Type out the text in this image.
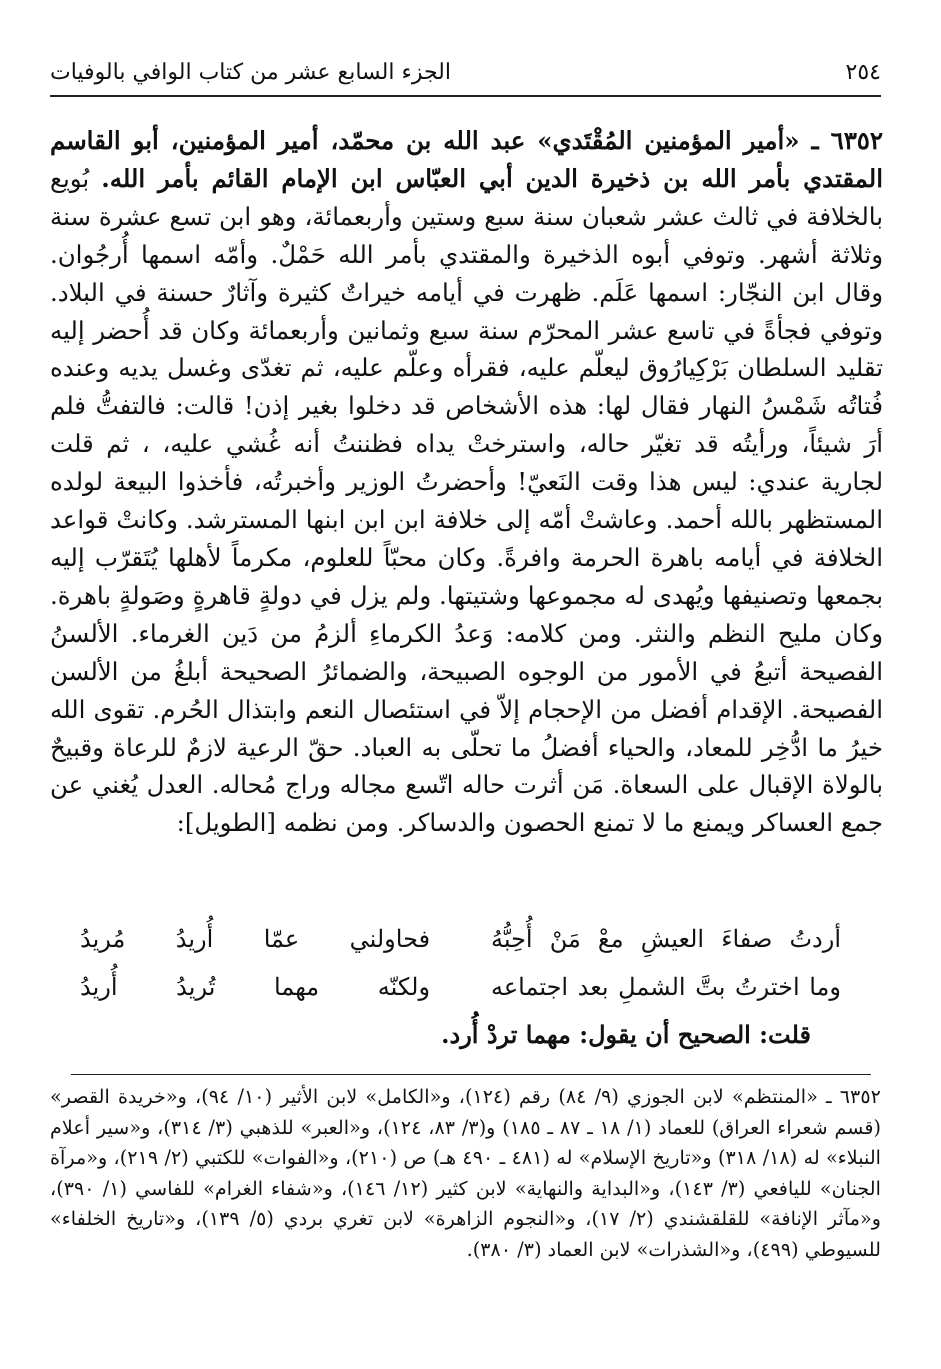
٢٥٤
الجزء السابع عشر من كتاب الوافي بالوفيات

٦٣٥٢ ـ «أمير المؤمنين المُقْتَدي» عبد الله بن محمّد، أمير المؤمنين، أبو القاسم المقتدي بأمر الله بن ذخيرة الدين أبي العبّاس ابن الإمام القائم بأمر الله. بُويع بالخلافة في ثالث عشر شعبان سنة سبع وستين وأربعمائة، وهو ابن تسع عشرة سنة وثلاثة أشهر. وتوفي أبوه الذخيرة والمقتدي بأمر الله حَمْلٌ. وأمّه اسمها أُرجُوان. وقال ابن النجّار: اسمها عَلَم. ظهرت في أيامه خيراتٌ كثيرة وآثارٌ حسنة في البلاد. وتوفي فجأةً في تاسع عشر المحرّم سنة سبع وثمانين وأربعمائة وكان قد أُحضر إليه تقليد السلطان بَرْكِيارُوق ليعلّم عليه، فقرأه وعلّم عليه، ثم تغدّى وغسل يديه وعنده فُتاتُه شَمْسُ النهار فقال لها: هذه الأشخاص قد دخلوا بغير إذن! قالت: فالتفتُّ فلم أرَ شيئاً، ورأيتُه قد تغيّر حاله، واسترختْ يداه فظننتُ أنه غُشي عليه، ، ثم قلت لجارية عندي: ليس هذا وقت النَعيّ! وأحضرتُ الوزير وأخبرتُه، فأخذوا البيعة لولده المستظهر بالله أحمد. وعاشتْ أمّه إلى خلافة ابن ابن ابنها المسترشد. وكانتْ قواعد الخلافة في أيامه باهرة الحرمة وافرةً. وكان محبّاً للعلوم، مكرماً لأهلها يُتَقرّب إليه بجمعها وتصنيفها ويُهدى له مجموعها وشتيتها. ولم يزل في دولةٍ قاهرةٍ وصَولةٍ باهرة. وكان مليح النظم والنثر. ومن كلامه: وَعدُ الكرماءِ ألزمُ من دَين الغرماء. الألسنُ الفصيحة أتبعُ في الأمور من الوجوه الصبيحة، والضمائرُ الصحيحة أبلغُ من الألسن الفصيحة. الإقدام أفضل من الإحجام إلاّ في استئصال النعم وابتذال الحُرم. تقوى الله خيرُ ما ادُّخِر للمعاد، والحياء أفضلُ ما تحلّى به العباد. حقّ الرعية لازمٌ للرعاة وقبيحٌ بالولاة الإقبال على السعاة. مَن أثرت حاله اتّسع مجاله وراج مُحاله. العدل يُغني عن جمع العساكر ويمنع ما لا تمنع الحصون والدساكر. ومن نظمه [الطويل]:

أردتُ صفاءَ العيشِ معْ مَنْ أُحِبُّهُ
فحاولني عمّا أُريدُ مُريدُ
وما اخترتُ بتَّ الشملِ بعد اجتماعه
ولكنّه مهما تُريدُ أُريدُ
قلت: الصحيح أن يقول: مهما تردْ أُرد.

٦٣٥٢ ـ «المنتظم» لابن الجوزي (٩/ ٨٤) رقم (١٢٤)، و«الكامل» لابن الأثير (١٠/ ٩٤)، و«خريدة القصر» (قسم شعراء العراق) للعماد (١/ ١٨ ـ ٨٧ ـ ١٨٥) و(٣/ ٨٣، ١٢٤)، و«العبر» للذهبي (٣/ ٣١٤)، و«سير أعلام النبلاء» له (١٨/ ٣١٨) و«تاريخ الإسلام» له (٤٨١ ـ ٤٩٠ هـ) ص (٢١٠)، و«الفوات» للكتبي (٢/ ٢١٩)، و«مرآة الجنان» لليافعي (٣/ ١٤٣)، و«البداية والنهاية» لابن كثير (١٢/ ١٤٦)، و«شفاء الغرام» للفاسي (١/ ٣٩٠)، و«مآثر الإنافة» للقلقشندي (٢/ ١٧)، و«النجوم الزاهرة» لابن تغري بردي (٥/ ١٣٩)، و«تاريخ الخلفاء» للسيوطي (٤٩٩)، و«الشذرات» لابن العماد (٣/ ٣٨٠).
